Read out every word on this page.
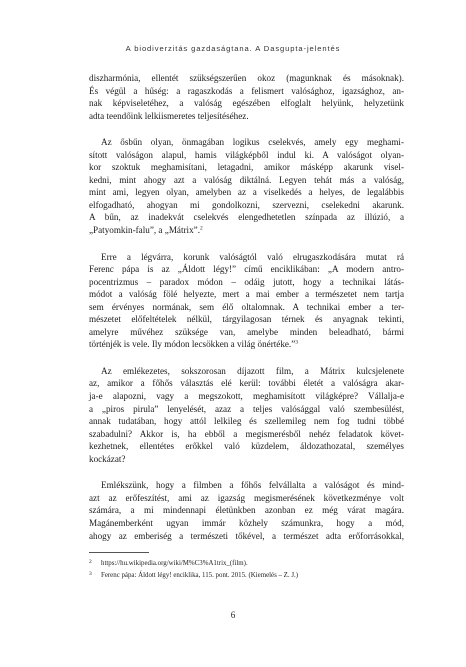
A biodiverzitás gazdaságtana. A Dasgupta-jelentés

diszharmónia, ellentét szükségszerűen okoz (magunknak és másoknak).
És végül a hűség: a ragaszkodás a felismert valósághoz, igazsághoz, an-
nak képviseletéhez, a valóság egészében elfoglalt helyünk, helyzetünk
adta teendőink lelkiismeretes teljesítéséhez.

Az ősbűn olyan, önmagában logikus cselekvés, amely egy meghami-
sított valóságon alapul, hamis világképből indul ki. A valóságot olyan-
kor szoktuk meghamisítani, letagadni, amikor másképp akarunk visel-
kedni, mint ahogy azt a valóság diktálná. Legyen tehát más a valóság,
mint ami, legyen olyan, amelyben az a viselkedés a helyes, de legalábbis
elfogadható, ahogyan mi gondolkozni, szervezni, cselekedni akarunk.
A bűn, az inadekvát cselekvés elengedhetetlen színpada az illúzió, a
„Patyomkin-falu”, a „Mátrix”.$^2$

Erre a légvárra, korunk valóságtól való elrugaszkodására mutat rá
Ferenc pápa is az „Áldott légy!” című enciklikában: „A modern antro-
pocentrizmus – paradox módon – odáig jutott, hogy a technikai látás-
módot a valóság fölé helyezte, mert a mai ember a természetet nem tartja
sem érvényes normának, sem élő oltalomnak. A technikai ember a ter-
mészetet előfeltételek nélkül, tárgyilagosan térnek és anyagnak tekinti,
amelyre művéhez szüksége van, amelybe minden beleadható, bármi
történjék is vele. Ily módon lecsökken a világ önértéke.”$^3$

Az emlékezetes, sokszorosan díjazott film, a Mátrix kulcsjelenete
az, amikor a főhős választás elé kerül: további életét a valóságra akar-
ja-e alapozni, vagy a megszokott, meghamisított világképre? Vállalja-e
a „piros pirula” lenyelését, azaz a teljes valósággal való szembesülést,
annak tudatában, hogy attól lelkileg és szellemileg nem fog tudni többé
szabadulni? Akkor is, ha ebből a megismerésből nehéz feladatok követ-
kezhetnek, ellentétes erőkkel való küzdelem, áldozathozatal, személyes
kockázat?

Emlékszünk, hogy a filmben a főhős felvállalta a valóságot és mind-
azt az erőfeszítést, ami az igazság megismerésének következménye volt
számára, a mi mindennapi életünkben azonban ez még várat magára.
Magánemberként ugyan immár közhely számunkra, hogy a mód,
ahogy az emberiség a természeti tőkével, a természet adta erőforrásokkal,

2 https://hu.wikipedia.org/wiki/M%C3%A1trix_(film).
3 Ferenc pápa: Áldott légy! enciklika, 115. pont. 2015. (Kiemelés – Z. J.)
6
